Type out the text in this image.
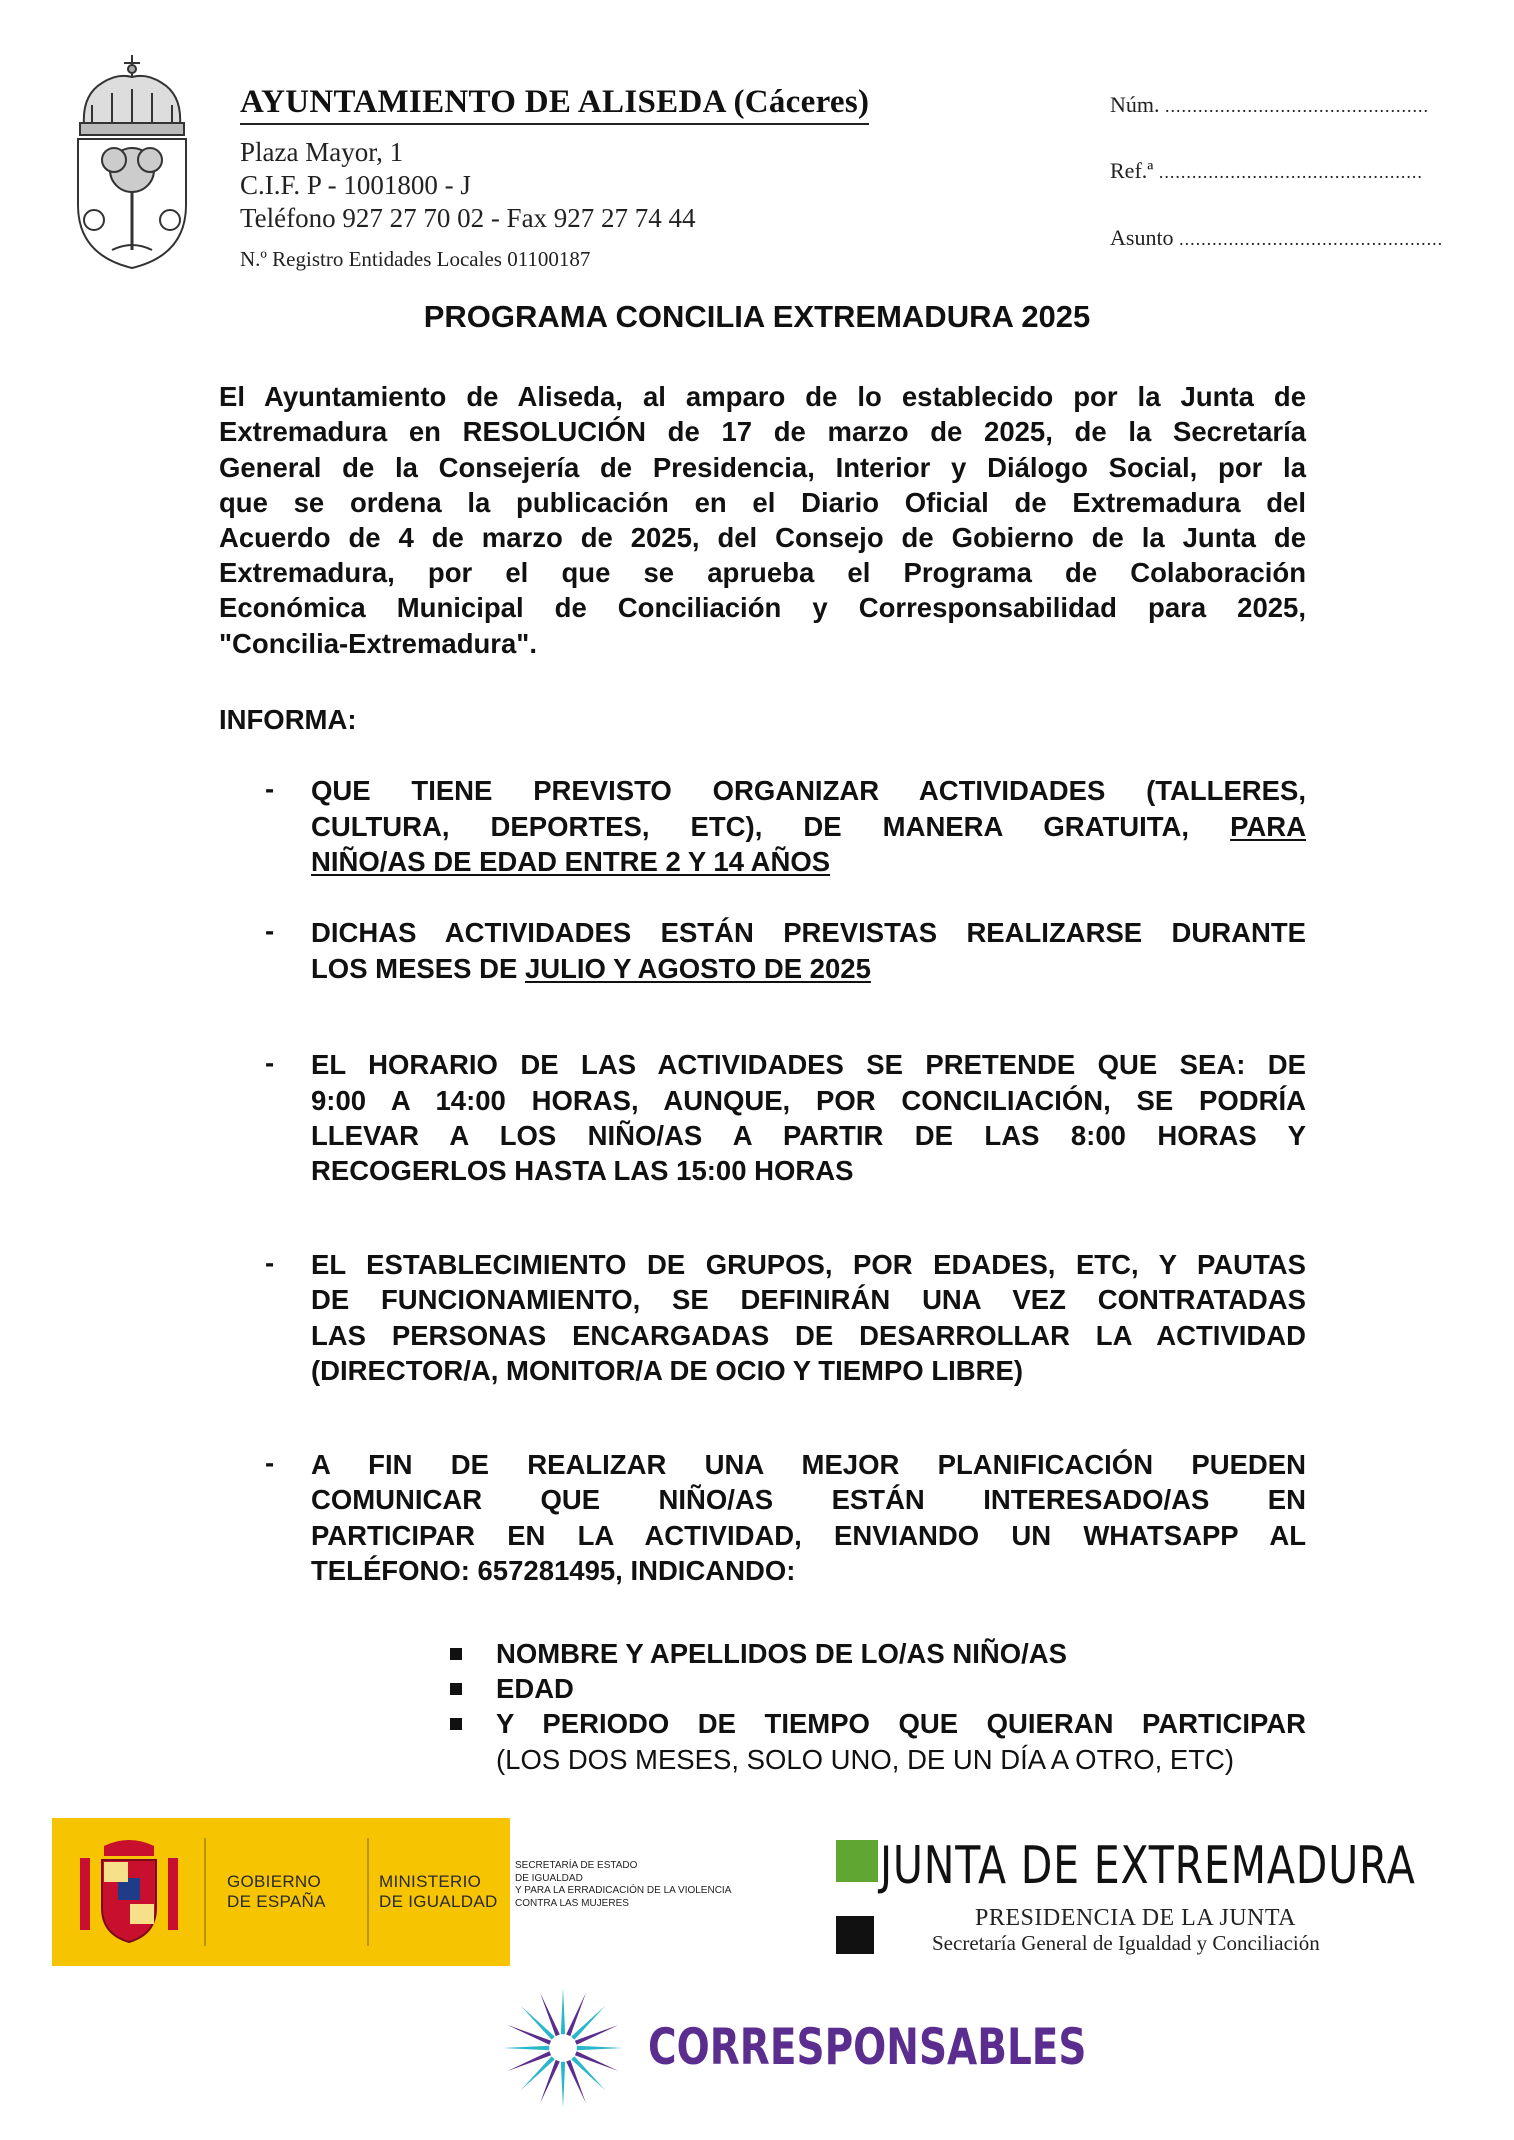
AYUNTAMIENTO DE ALISEDA (Cáceres)
Plaza Mayor, 1
C.I.F. P - 1001800 - J
Teléfono 927 27 70 02 - Fax 927 27 74 44
N.º Registro Entidades Locales 01100187
Núm. ................................................
Ref.ª ................................................
Asunto ................................................
PROGRAMA CONCILIA EXTREMADURA 2025
El Ayuntamiento de Aliseda, al amparo de lo establecido por la Junta de
Extremadura en RESOLUCIÓN de 17 de marzo de 2025, de la Secretaría
General de la Consejería de Presidencia, Interior y Diálogo Social, por la
que se ordena la publicación en el Diario Oficial de Extremadura del
Acuerdo de 4 de marzo de 2025, del Consejo de Gobierno de la Junta de
Extremadura, por el que se aprueba el Programa de Colaboración
Económica Municipal de Conciliación y Corresponsabilidad para 2025,
"Concilia-Extremadura".
INFORMA:
- QUE TIENE PREVISTO ORGANIZAR ACTIVIDADES (TALLERES,
CULTURA, DEPORTES, ETC), DE MANERA GRATUITA, PARA
NIÑO/AS DE EDAD ENTRE 2 Y 14 AÑOS
- DICHAS ACTIVIDADES ESTÁN PREVISTAS REALIZARSE DURANTE
LOS MESES DE JULIO Y AGOSTO DE 2025
- EL HORARIO DE LAS ACTIVIDADES SE PRETENDE QUE SEA: DE
9:00 A 14:00 HORAS, AUNQUE, POR CONCILIACIÓN, SE PODRÍA
LLEVAR A LOS NIÑO/AS A PARTIR DE LAS 8:00 HORAS Y
RECOGERLOS HASTA LAS 15:00 HORAS
- EL ESTABLECIMIENTO DE GRUPOS, POR EDADES, ETC, Y PAUTAS
DE FUNCIONAMIENTO, SE DEFINIRÁN UNA VEZ CONTRATADAS
LAS PERSONAS ENCARGADAS DE DESARROLLAR LA ACTIVIDAD
(DIRECTOR/A, MONITOR/A DE OCIO Y TIEMPO LIBRE)
- A FIN DE REALIZAR UNA MEJOR PLANIFICACIÓN PUEDEN
COMUNICAR QUE NIÑO/AS ESTÁN INTERESADO/AS EN
PARTICIPAR EN LA ACTIVIDAD, ENVIANDO UN WHATSAPP AL
TELÉFONO: 657281495, INDICANDO:
NOMBRE Y APELLIDOS DE LO/AS NIÑO/AS
EDAD
Y PERIODO DE TIEMPO QUE QUIERAN PARTICIPAR
(LOS DOS MESES, SOLO UNO, DE UN DÍA A OTRO, ETC)
GOBIERNO
DE ESPAÑA
MINISTERIO
DE IGUALDAD
SECRETARÍA DE ESTADO
DE IGUALDAD
Y PARA LA ERRADICACIÓN DE LA VIOLENCIA
CONTRA LAS MUJERES
JUNTA DE EXTREMADURA
PRESIDENCIA DE LA JUNTA
Secretaría General de Igualdad y Conciliación
CORRESPONSABLES
